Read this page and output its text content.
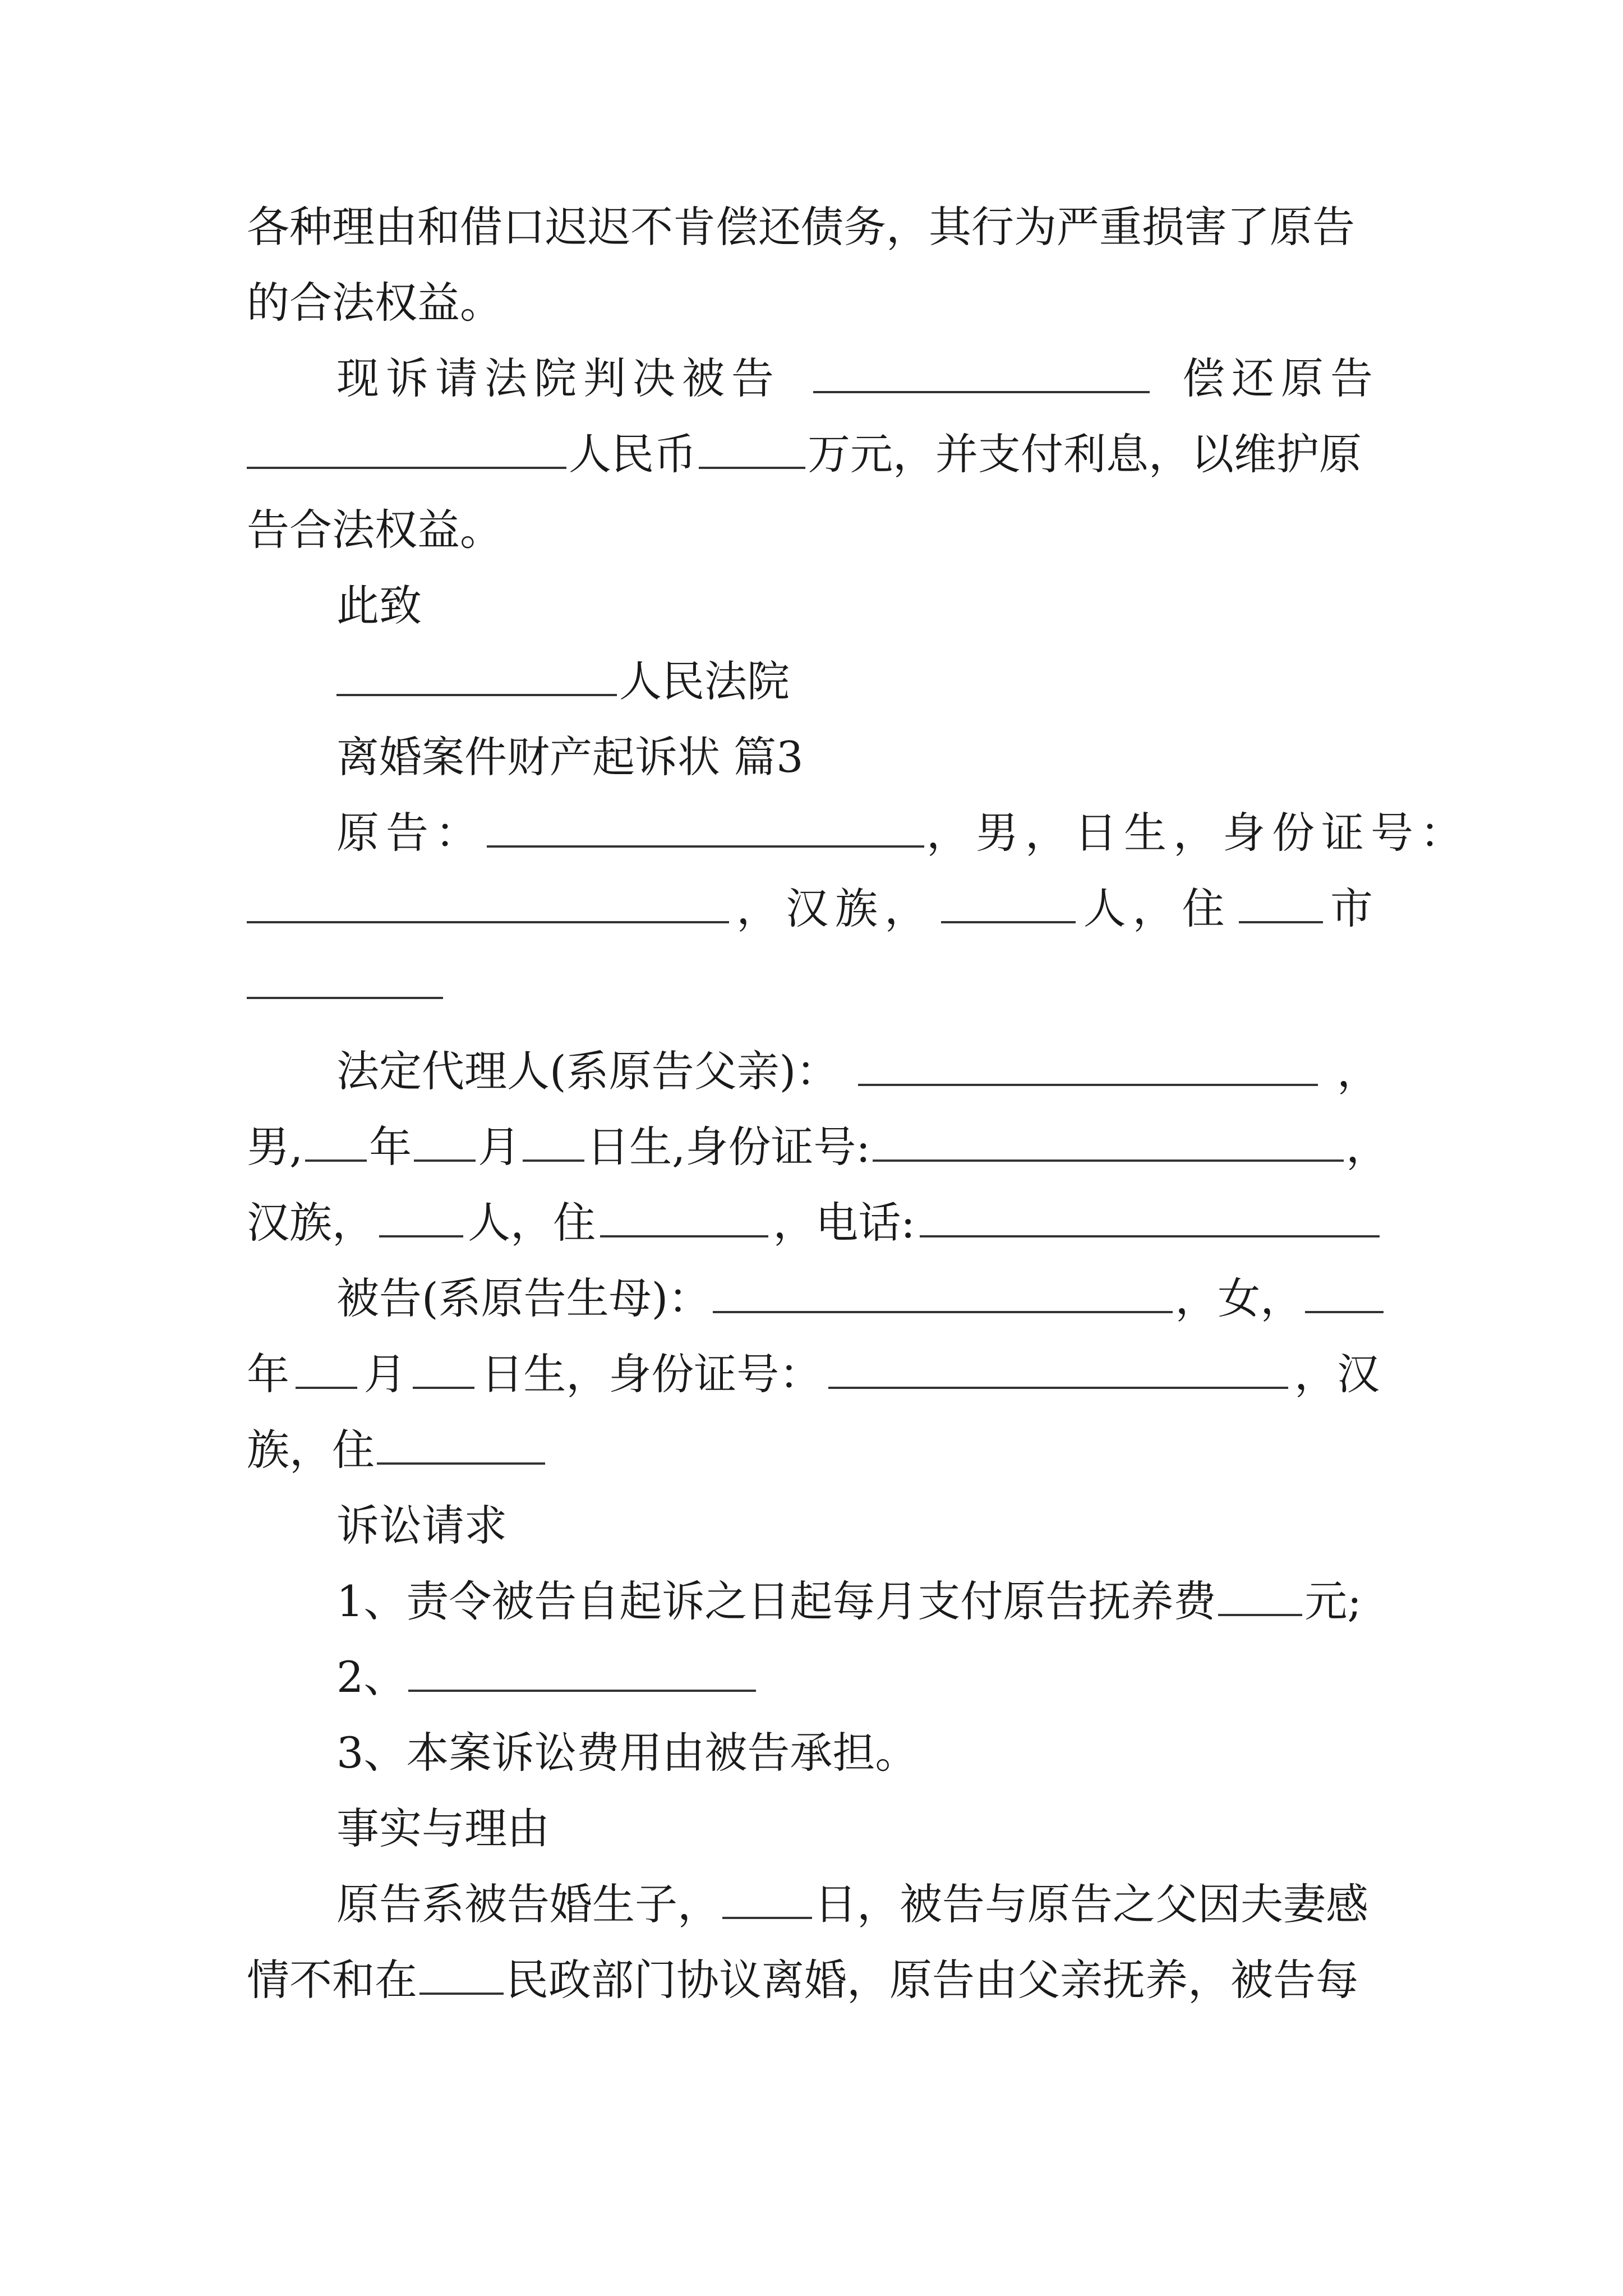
各种理由和借口迟迟不肯偿还债务，其行为严重损害了原告
的合法权益。
现诉请法院判决被告	偿还原告
人民币	万元，并支付利息，以维护原
告合法权益。
此致
人民法院
离婚案件财产起诉状 篇3
原告：	，男，日生，身份证号：
，汉族，	人，住 市
法定代理人(系原告父亲)：	，
男, 年 月 日生,身份证号:	，
汉族， 人，住	，电话:
被告(系原告生母)：	，女，
年 月 日生，身份证号：	，汉
族，住
诉讼请求
1、责令被告自起诉之日起每月支付原告抚养费 元;
2、
3、本案诉讼费用由被告承担。
事实与理由
原告系被告婚生子， 日，被告与原告之父因夫妻感
情不和在 民政部门协议离婚，原告由父亲抚养，被告每
